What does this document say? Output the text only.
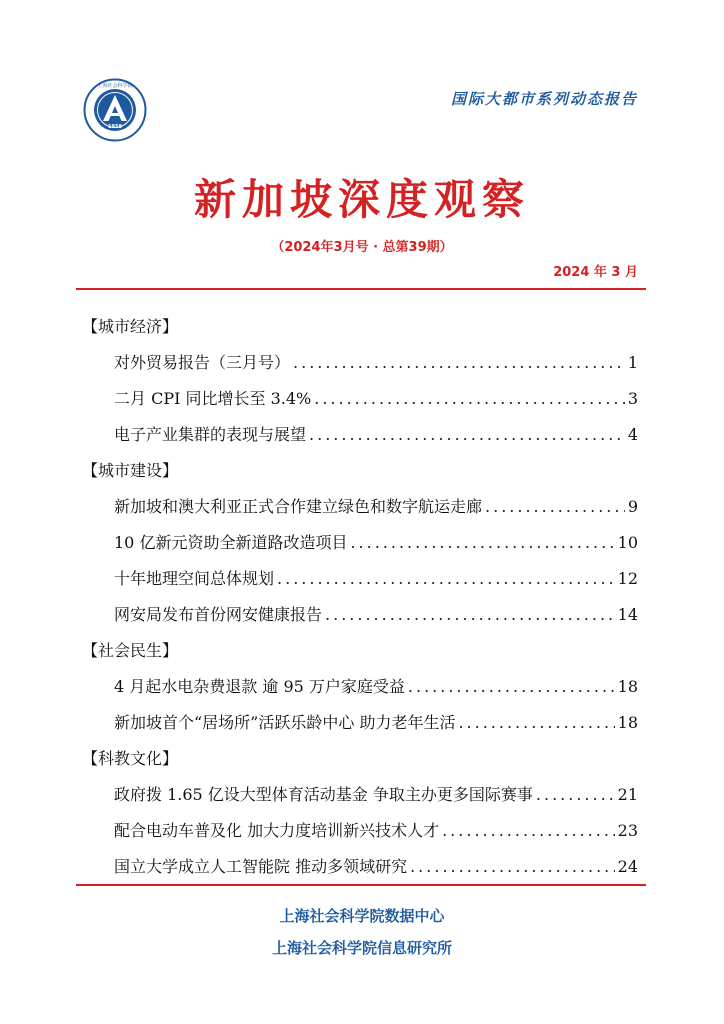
上海社会科学院
1958
国际大都市系列动态报告
新加坡深度观察
（2024年3月号 · 总第39期）
2024 年 3 月
【城市经济】
对外贸易报告（三月号） .....	1
二月 CPI 同比增长至 3.4% .....	3
电子产业集群的表现与展望 .....	4
【城市建设】
新加坡和澳大利亚正式合作建立绿色和数字航运走廊 .....	9
10 亿新元资助全新道路改造项目 .....	10
十年地理空间总体规划 .....	12
网安局发布首份网安健康报告 .....	14
【社会民生】
4 月起水电杂费退款 逾 95 万户家庭受益 .....	18
新加坡首个“居场所”活跃乐龄中心 助力老年生活 .....	18
【科教文化】
政府拨 1.65 亿设大型体育活动基金 争取主办更多国际赛事 .....	21
配合电动车普及化 加大力度培训新兴技术人才 .....	23
国立大学成立人工智能院 推动多领域研究 .....	24
上海社会科学院数据中心
上海社会科学院信息研究所
